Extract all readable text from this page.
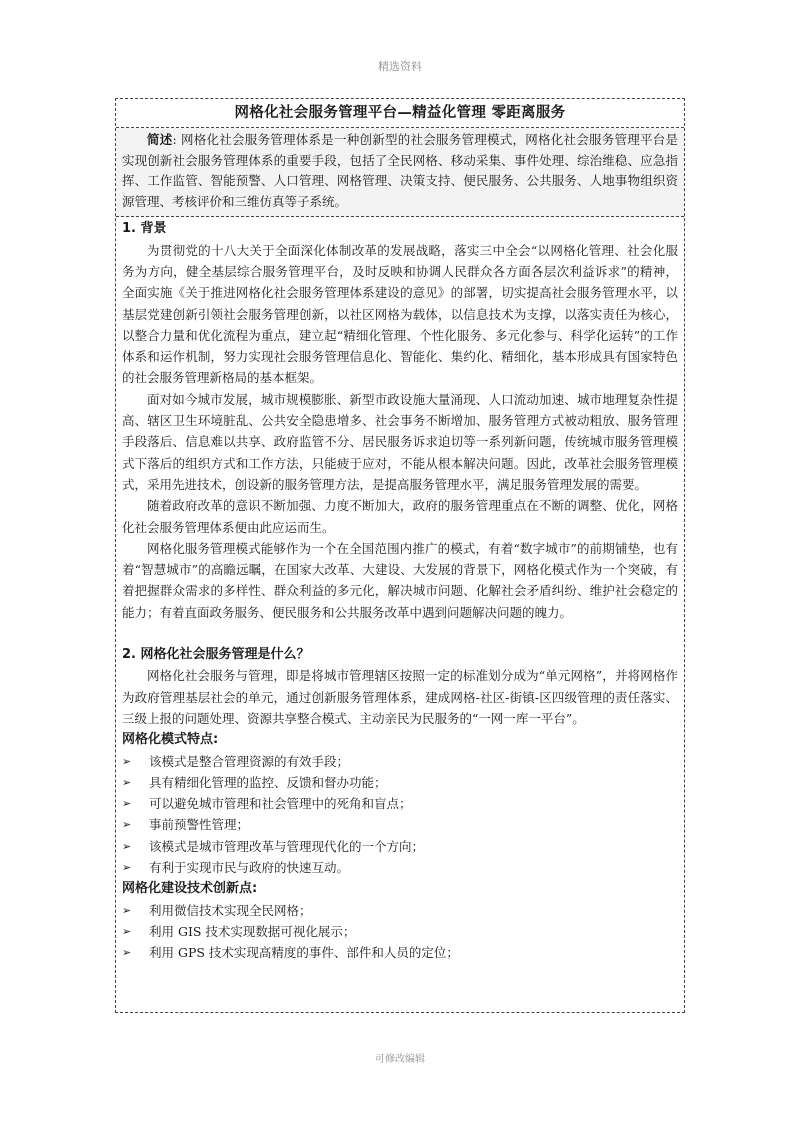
精选资料
网格化社会服务管理平台—精益化管理 零距离服务
简述: 网格化社会服务管理体系是一种创新型的社会服务管理模式，网格化社会服务管理平台是实现创新社会服务管理体系的重要手段，包括了全民网格、移动采集、事件处理、综治维稳、应急指挥、工作监管、智能预警、人口管理、网格管理、决策支持、便民服务、公共服务、人地事物组织资源管理、考核评价和三维仿真等子系统。
1. 背景

为贯彻党的十八大关于全面深化体制改革的发展战略，落实三中全会“以网格化管理、社会化服务为方向，健全基层综合服务管理平台，及时反映和协调人民群众各方面各层次利益诉求”的精神，全面实施《关于推进网格化社会服务管理体系建设的意见》的部署，切实提高社会服务管理水平，以基层党建创新引领社会服务管理创新，以社区网格为载体，以信息技术为支撑，以落实责任为核心，以整合力量和优化流程为重点，建立起“精细化管理、个性化服务、多元化参与、科学化运转”的工作体系和运作机制，努力实现社会服务管理信息化、智能化、集约化、精细化，基本形成具有国家特色的社会服务管理新格局的基本框架。

面对如今城市发展，城市规模膨胀、新型市政设施大量涌现、人口流动加速、城市地理复杂性提高、辖区卫生环境脏乱、公共安全隐患增多、社会事务不断增加、服务管理方式被动粗放、服务管理手段落后、信息难以共享、政府监管不分、居民服务诉求迫切等一系列新问题，传统城市服务管理模式下落后的组织方式和工作方法，只能疲于应对，不能从根本解决问题。因此，改革社会服务管理模式，采用先进技术，创设新的服务管理方法，是提高服务管理水平，满足服务管理发展的需要。

随着政府改革的意识不断加强、力度不断加大，政府的服务管理重点在不断的调整、优化，网格化社会服务管理体系便由此应运而生。

网格化服务管理模式能够作为一个在全国范围内推广的模式，有着“数字城市”的前期铺垫，也有着“智慧城市”的高瞻远瞩，在国家大改革、大建设、大发展的背景下，网格化模式作为一个突破，有着把握群众需求的多样性、群众利益的多元化，解决城市问题、化解社会矛盾纠纷、维护社会稳定的能力；有着直面政务服务、便民服务和公共服务改革中遇到问题解决问题的魄力。

2. 网格化社会服务管理是什么？

网格化社会服务与管理，即是将城市管理辖区按照一定的标准划分成为“单元网格”，并将网格作为政府管理基层社会的单元，通过创新服务管理体系，建成网格-社区-街镇-区四级管理的责任落实、三级上报的问题处理、资源共享整合模式、主动亲民为民服务的“一网一库一平台”。

网格化模式特点:
➢ 该模式是整合管理资源的有效手段；
➢ 具有精细化管理的监控、反馈和督办功能；
➢ 可以避免城市管理和社会管理中的死角和盲点；
➢ 事前预警性管理；
➢ 该模式是城市管理改革与管理现代化的一个方向；
➢ 有利于实现市民与政府的快速互动。
网格化建设技术创新点:
➢ 利用微信技术实现全民网格；
➢ 利用 GIS 技术实现数据可视化展示；
➢ 利用 GPS 技术实现高精度的事件、部件和人员的定位；
可修改编辑
